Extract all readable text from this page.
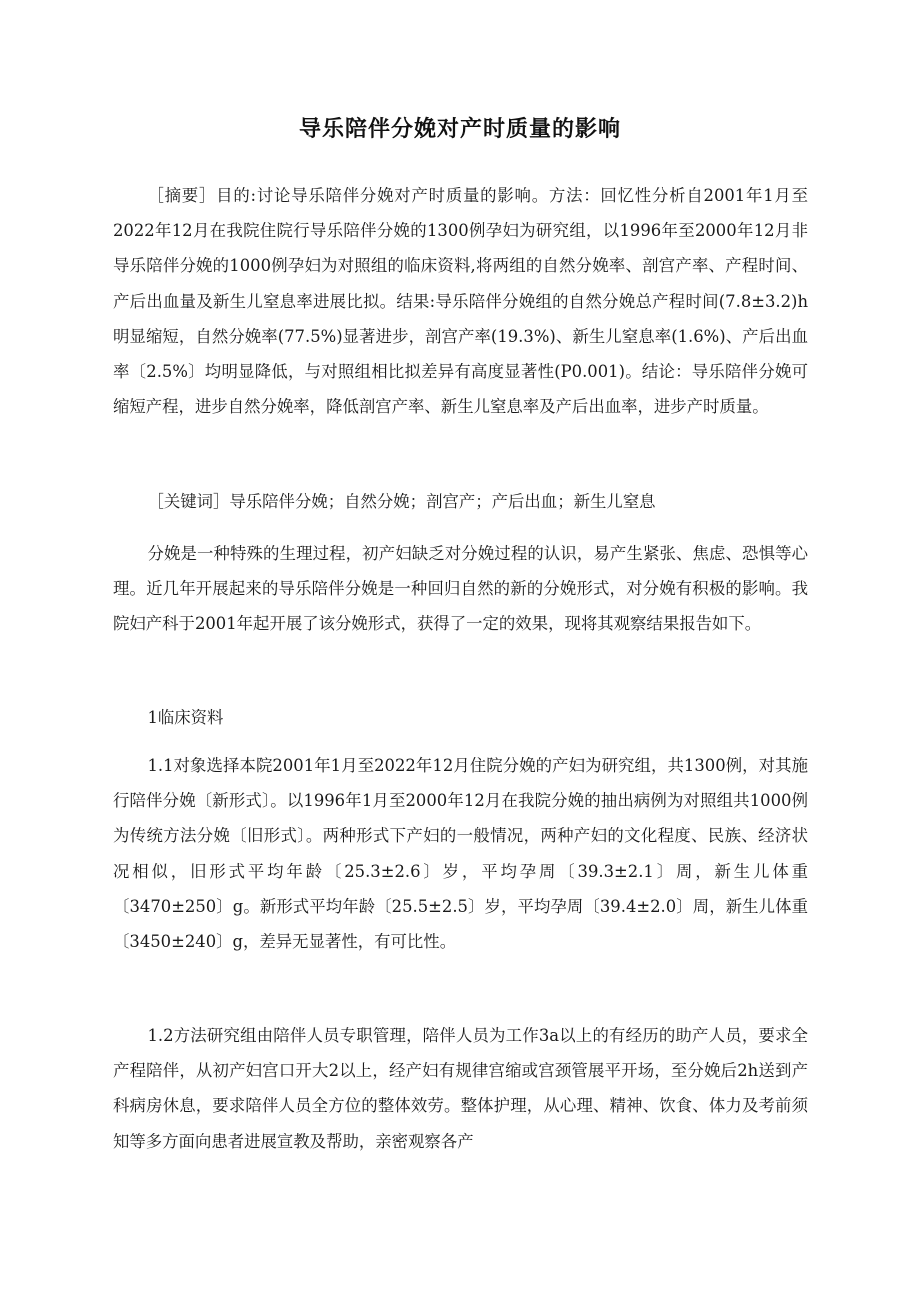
导乐陪伴分娩对产时质量的影响

［摘要］目的:讨论导乐陪伴分娩对产时质量的影响。方法：回忆性分析自2001年1月至2022年12月在我院住院行导乐陪伴分娩的1300例孕妇为研究组，以1996年至2000年12月非导乐陪伴分娩的1000例孕妇为对照组的临床资料,将两组的自然分娩率、剖宫产率、产程时间、产后出血量及新生儿窒息率进展比拟。结果:导乐陪伴分娩组的自然分娩总产程时间(7.8±3.2)h明显缩短，自然分娩率(77.5%)显著进步，剖宫产率(19.3%)、新生儿窒息率(1.6%)、产后出血率〔2.5%〕均明显降低，与对照组相比拟差异有高度显著性(P0.001)。结论：导乐陪伴分娩可缩短产程，进步自然分娩率，降低剖宫产率、新生儿窒息率及产后出血率，进步产时质量。

［关键词］导乐陪伴分娩；自然分娩；剖宫产；产后出血；新生儿窒息

分娩是一种特殊的生理过程，初产妇缺乏对分娩过程的认识，易产生紧张、焦虑、恐惧等心理。近几年开展起来的导乐陪伴分娩是一种回归自然的新的分娩形式，对分娩有积极的影响。我院妇产科于2001年起开展了该分娩形式，获得了一定的效果，现将其观察结果报告如下。

1临床资料

1.1对象选择本院2001年1月至2022年12月住院分娩的产妇为研究组，共1300例，对其施行陪伴分娩〔新形式〕。以1996年1月至2000年12月在我院分娩的抽出病例为对照组共1000例为传统方法分娩〔旧形式〕。两种形式下产妇的一般情况，两种产妇的文化程度、民族、经济状况相似，旧形式平均年龄〔25.3±2.6〕岁，平均孕周〔39.3±2.1〕周，新生儿体重〔3470±250〕g。新形式平均年龄〔25.5±2.5〕岁，平均孕周〔39.4±2.0〕周，新生儿体重〔3450±240〕g，差异无显著性，有可比性。

1.2方法研究组由陪伴人员专职管理，陪伴人员为工作3a以上的有经历的助产人员，要求全产程陪伴，从初产妇宫口开大2以上，经产妇有规律宫缩或宫颈管展平开场，至分娩后2h送到产科病房休息，要求陪伴人员全方位的整体效劳。整体护理，从心理、精神、饮食、体力及考前须知等多方面向患者进展宣教及帮助，亲密观察各产
